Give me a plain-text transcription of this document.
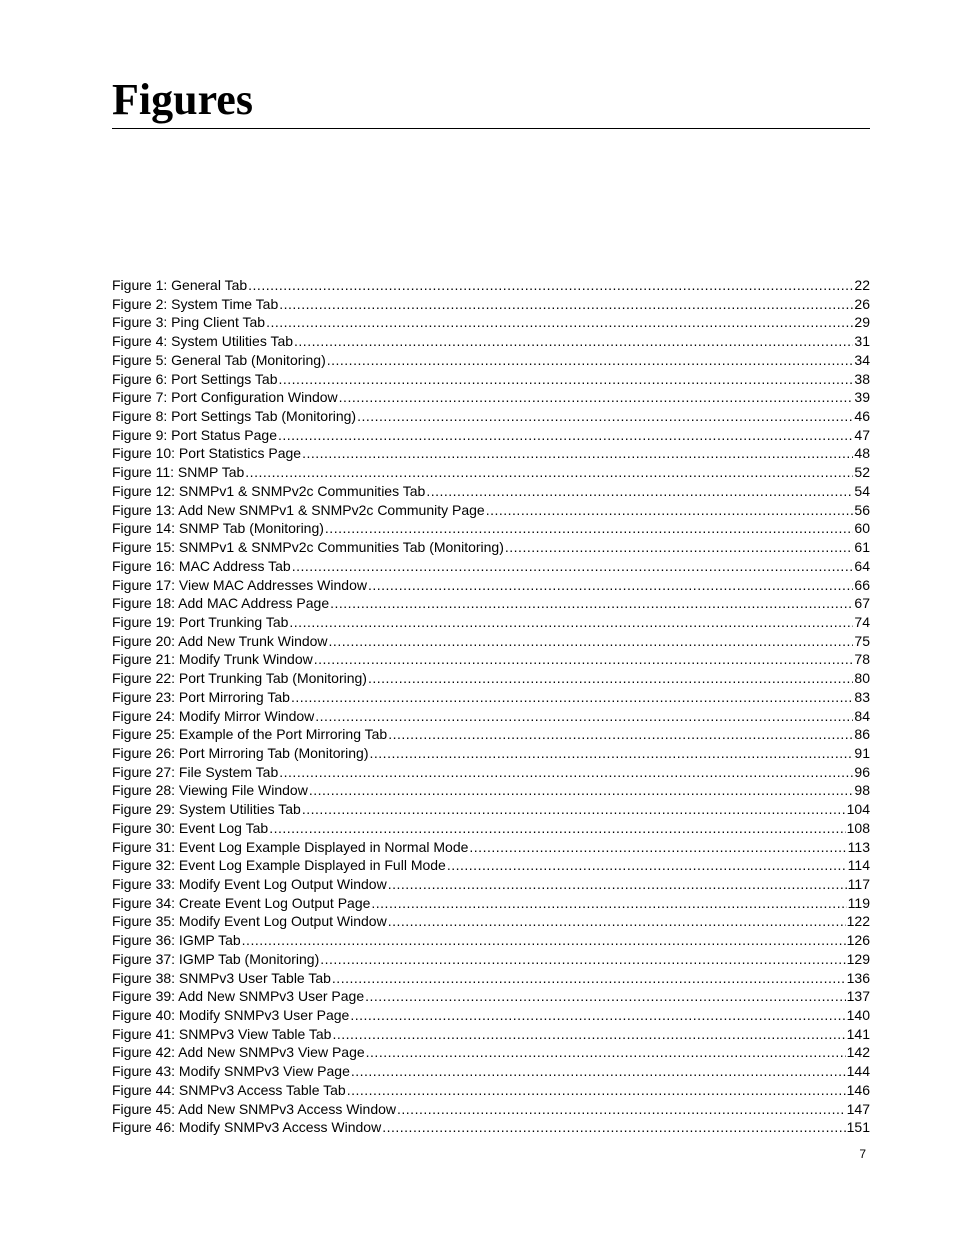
Figures
Figure 1: General Tab .....	22
Figure 2: System Time Tab .....	26
Figure 3: Ping Client Tab .....	29
Figure 4: System Utilities Tab .....	31
Figure 5: General Tab (Monitoring) .....	34
Figure 6: Port Settings Tab .....	38
Figure 7: Port Configuration Window .....	39
Figure 8: Port Settings Tab (Monitoring) .....	46
Figure 9: Port Status Page .....	47
Figure 10: Port Statistics Page .....	48
Figure 11: SNMP Tab .....	52
Figure 12: SNMPv1 & SNMPv2c Communities Tab .....	54
Figure 13: Add New SNMPv1 & SNMPv2c Community Page .....	56
Figure 14: SNMP Tab (Monitoring) .....	60
Figure 15: SNMPv1 & SNMPv2c Communities Tab (Monitoring) .....	61
Figure 16: MAC Address Tab .....	64
Figure 17: View MAC Addresses Window .....	66
Figure 18: Add MAC Address Page .....	67
Figure 19: Port Trunking Tab .....	74
Figure 20: Add New Trunk Window .....	75
Figure 21: Modify Trunk Window .....	78
Figure 22: Port Trunking Tab (Monitoring) .....	80
Figure 23: Port Mirroring Tab .....	83
Figure 24: Modify Mirror Window .....	84
Figure 25: Example of the Port Mirroring Tab .....	86
Figure 26: Port Mirroring Tab (Monitoring) .....	91
Figure 27: File System Tab .....	96
Figure 28: Viewing File Window .....	98
Figure 29: System Utilities Tab .....	104
Figure 30: Event Log Tab .....	108
Figure 31: Event Log Example Displayed in Normal Mode .....	113
Figure 32: Event Log Example Displayed in Full Mode .....	114
Figure 33: Modify Event Log Output Window .....	117
Figure 34: Create Event Log Output Page .....	119
Figure 35: Modify Event Log Output Window .....	122
Figure 36: IGMP Tab .....	126
Figure 37: IGMP Tab (Monitoring) .....	129
Figure 38: SNMPv3 User Table Tab .....	136
Figure 39: Add New SNMPv3 User Page .....	137
Figure 40: Modify SNMPv3 User Page .....	140
Figure 41: SNMPv3 View Table Tab .....	141
Figure 42: Add New SNMPv3 View Page .....	142
Figure 43: Modify SNMPv3 View Page .....	144
Figure 44: SNMPv3 Access Table Tab .....	146
Figure 45: Add New SNMPv3 Access Window .....	147
Figure 46: Modify SNMPv3 Access Window .....	151
7
